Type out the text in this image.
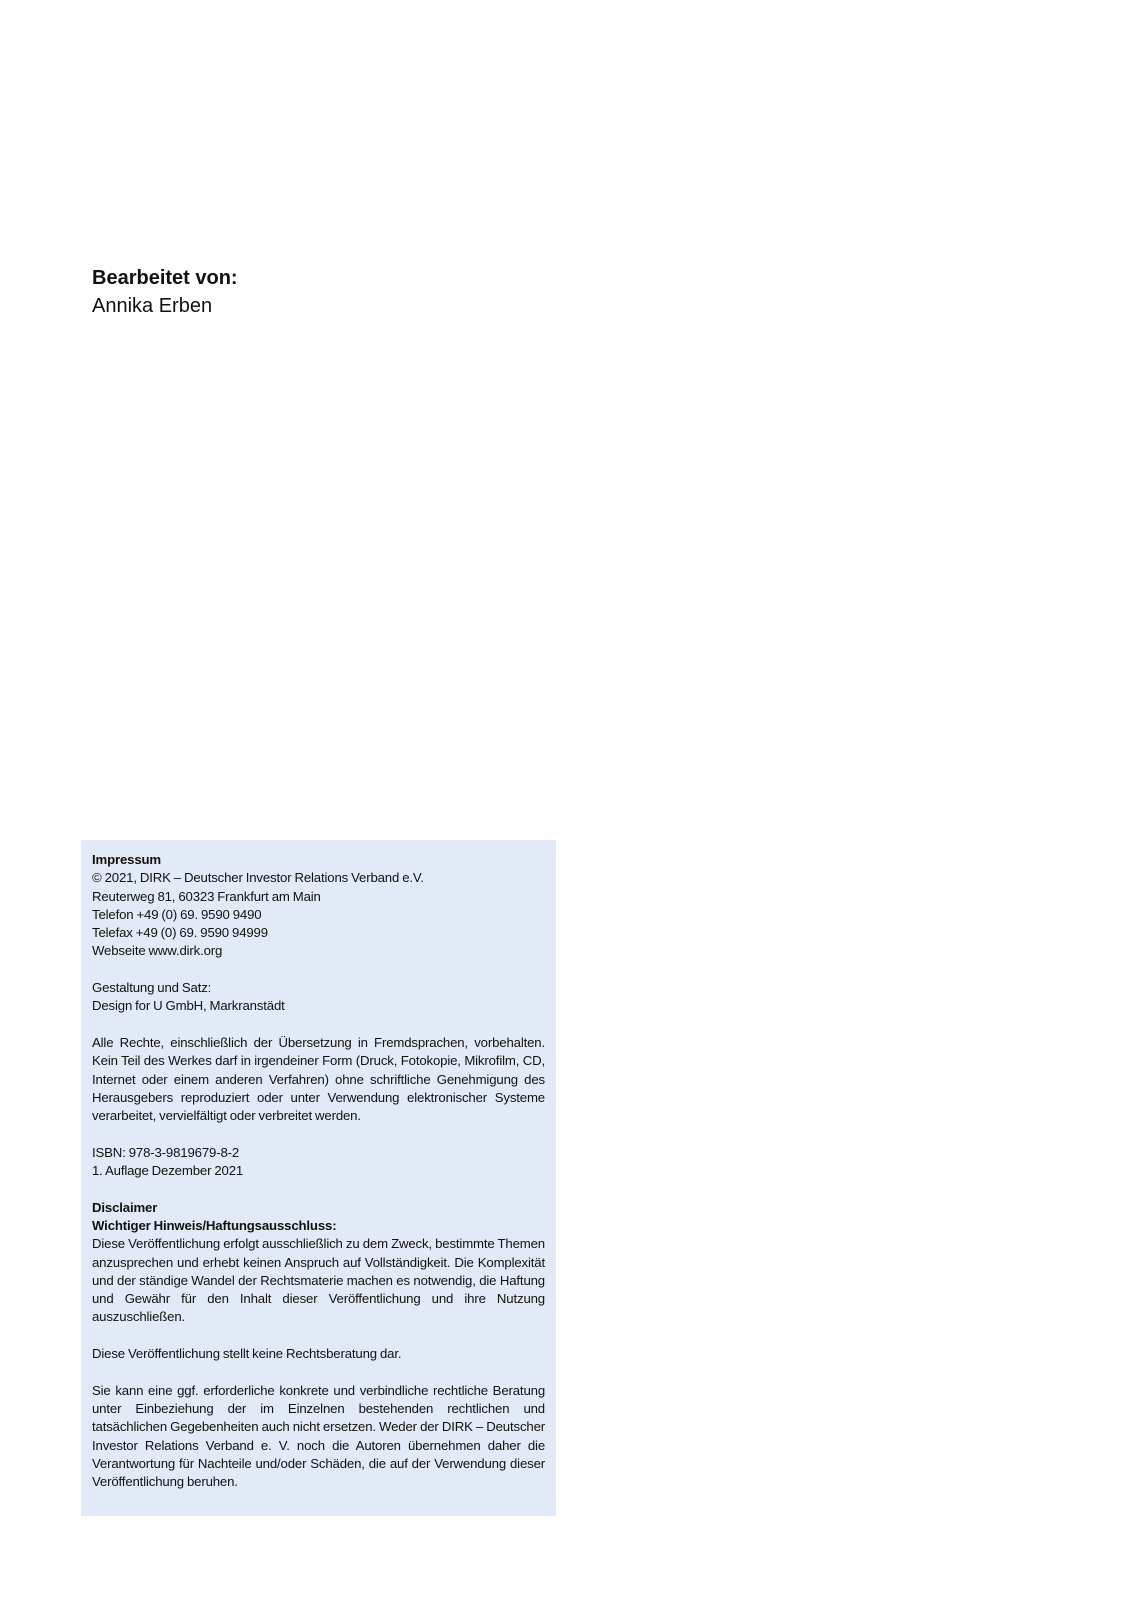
Bearbeitet von:

Annika Erben

Impressum

© 2021, DIRK – Deutscher Investor Relations Verband e.V.

Reuterweg 81, 60323 Frankfurt am Main

Telefon +49 (0) 69. 9590 9490

Telefax +49 (0) 69. 9590 94999

Webseite www.dirk.org

Gestaltung und Satz:

Design for U GmbH, Markranstädt

Alle Rechte, einschließlich der Übersetzung in Fremdsprachen, vorbehalten. Kein Teil des Werkes darf in irgendeiner Form (Druck, Fotokopie, Mikrofilm, CD, Internet oder einem anderen Verfahren) ohne schriftliche Genehmigung des Herausgebers reproduziert oder unter Verwendung elektronischer Systeme verarbeitet, vervielfältigt oder verbreitet werden.

ISBN: 978-3-9819679-8-2

1. Auflage Dezember 2021

Disclaimer

Wichtiger Hinweis/Haftungsausschluss:

Diese Veröffentlichung erfolgt ausschließlich zu dem Zweck, bestimmte Themen anzusprechen und erhebt keinen Anspruch auf Vollständigkeit. Die Komplexität und der ständige Wandel der Rechtsmaterie machen es notwendig, die Haftung und Gewähr für den Inhalt dieser Veröffentlichung und ihre Nutzung auszuschließen.

Diese Veröffentlichung stellt keine Rechtsberatung dar.

Sie kann eine ggf. erforderliche konkrete und verbindliche rechtliche Beratung unter Einbeziehung der im Einzelnen bestehenden rechtlichen und tatsächlichen Gegebenheiten auch nicht ersetzen. Weder der DIRK – Deutscher Investor Relations Verband e. V. noch die Autoren übernehmen daher die Verantwortung für Nachteile und/oder Schäden, die auf der Verwendung dieser Veröffentlichung beruhen.
